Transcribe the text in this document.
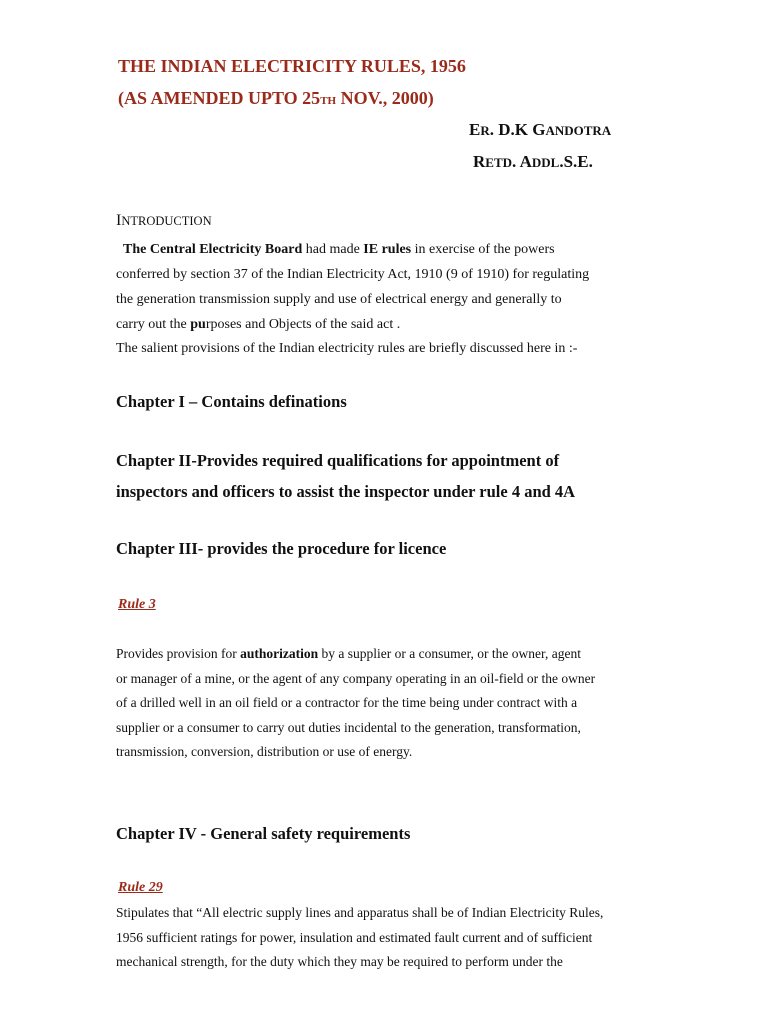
THE INDIAN ELECTRICITY RULES, 1956
(AS AMENDED UPTO 25TH NOV., 2000)
ER. D.K GANDOTRA
RETD. ADDL.S.E.
INTRODUCTION
The Central Electricity Board had made IE rules in exercise of the powers
conferred by section 37 of the Indian Electricity Act, 1910 (9 of 1910) for regulating
the generation transmission supply and use of electrical energy and generally to
carry out the purposes and Objects of the said act .
The salient provisions of the Indian electricity rules are briefly discussed here in :-
Chapter I – Contains definations
Chapter II-Provides required qualifications for appointment of
inspectors and officers to assist the inspector under rule 4 and 4A
Chapter III- provides the procedure for licence
Rule 3
Provides provision for authorization by a supplier or a consumer, or the owner, agent
or manager of a mine, or the agent of any company operating in an oil-field or the owner
of a drilled well in an oil field or a contractor for the time being under contract with a
supplier or a consumer to carry out duties incidental to the generation, transformation,
transmission, conversion, distribution or use of energy.
Chapter IV - General safety requirements
Rule 29
Stipulates that “All electric supply lines and apparatus shall be of Indian Electricity Rules,
1956 sufficient ratings for power, insulation and estimated fault current and of sufficient
mechanical strength, for the duty which they may be required to perform under the
